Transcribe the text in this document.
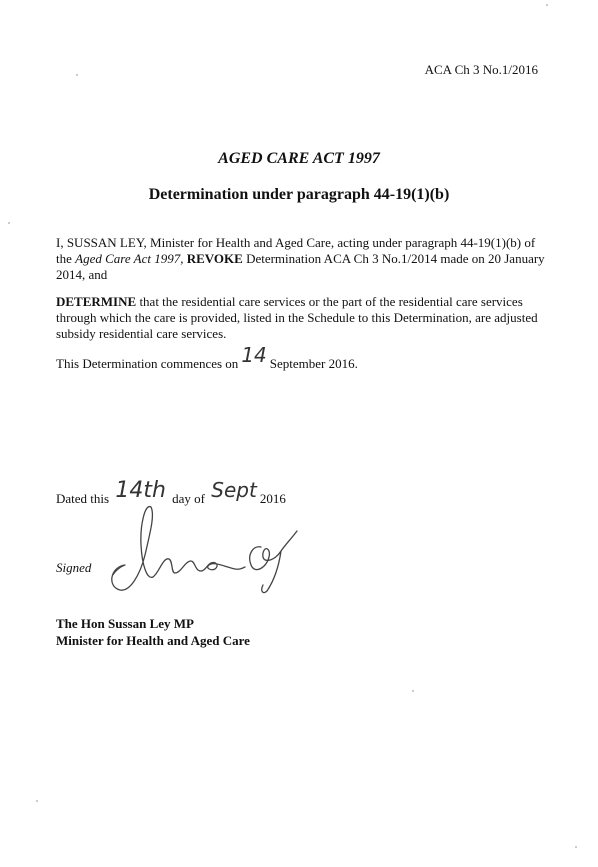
ACA Ch 3 No.1/2016
AGED CARE ACT 1997
Determination under paragraph 44-19(1)(b)

I, SUSSAN LEY, Minister for Health and Aged Care, acting under paragraph 44-19(1)(b) of the Aged Care Act 1997, REVOKE Determination ACA Ch 3 No.1/2014 made on 20 January 2014, and

DETERMINE that the residential care services or the part of the residential care services through which the care is provided, listed in the Schedule to this Determination, are adjusted subsidy residential care services.

This Determination commences on 14 September 2016.

Dated this 14th day of Sept 2016
Signed
The Hon Sussan Ley MP
Minister for Health and Aged Care
